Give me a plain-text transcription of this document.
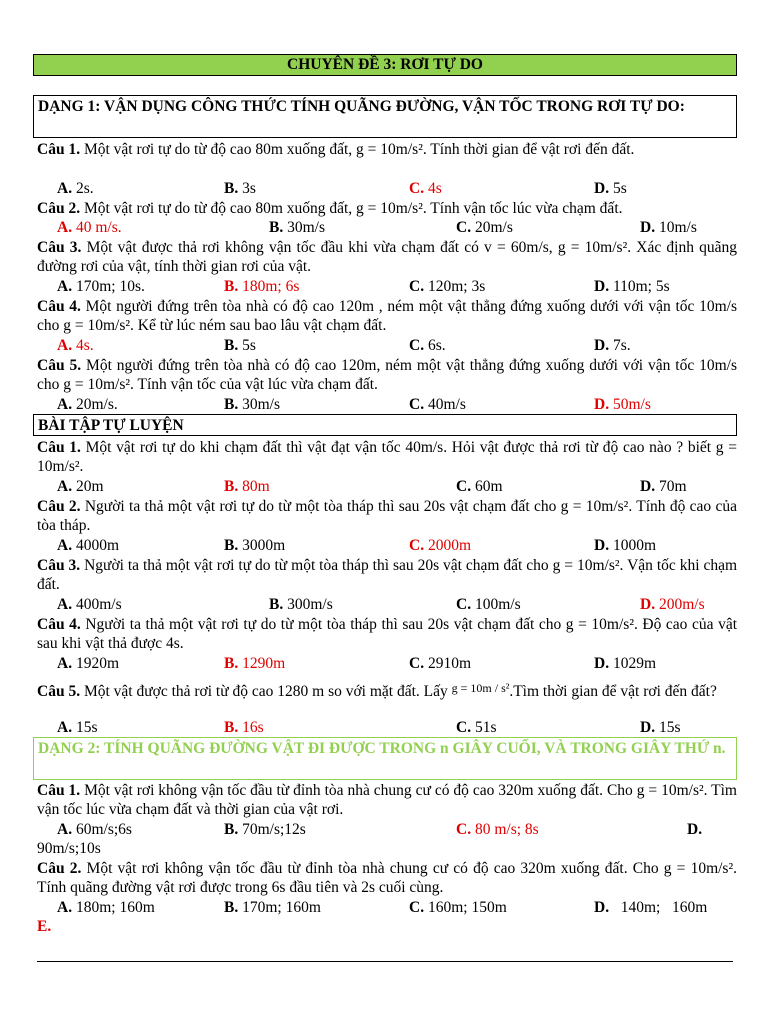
CHUYÊN ĐỀ 3: RƠI TỰ DO
DẠNG 1: VẬN DỤNG CÔNG THỨC TÍNH QUÃNG ĐƯỜNG, VẬN TỐC TRONG RƠI TỰ DO:
Câu 1. Một vật rơi tự do từ độ cao 80m xuống đất, g = 10m/s². Tính thời gian để vật rơi đến đất.
A. 2s.	B. 3s	C. 4s	D. 5s
Câu 2. Một vật rơi tự do từ độ cao 80m xuống đất, g = 10m/s². Tính vận tốc lúc vừa chạm đất.
A. 40 m/s.	B. 30m/s	C. 20m/s	D. 10m/s
Câu 3. Một vật được thả rơi không vận tốc đầu khi vừa chạm đất có v = 60m/s, g = 10m/s². Xác định quãng đường rơi của vật, tính thời gian rơi của vật.
A. 170m; 10s.	B. 180m; 6s	C. 120m; 3s	D. 110m; 5s
Câu 4. Một người đứng trên tòa nhà có độ cao 120m , ném một vật thẳng đứng xuống dưới với vận tốc 10m/s cho g = 10m/s². Kể từ lúc ném sau bao lâu vật chạm đất.
A. 4s.	B. 5s	C. 6s.	D. 7s.
Câu 5. Một người đứng trên tòa nhà có độ cao 120m, ném một vật thẳng đứng xuống dưới với vận tốc 10m/s cho g = 10m/s². Tính vận tốc của vật lúc vừa chạm đất.
A. 20m/s.	B. 30m/s	C. 40m/s	D. 50m/s
BÀI TẬP TỰ LUYỆN
Câu 1. Một vật rơi tự do khi chạm đất thì vật đạt vận tốc 40m/s. Hỏi vật được thả rơi từ độ cao nào ? biết g = 10m/s².
A. 20m	B. 80m	C. 60m	D. 70m
Câu 2. Người ta thả một vật rơi tự do từ một tòa tháp thì sau 20s vật chạm đất cho g = 10m/s². Tính độ cao của tòa tháp.
A. 4000m	B. 3000m	C. 2000m	D. 1000m
Câu 3. Người ta thả một vật rơi tự do từ một tòa tháp thì sau 20s vật chạm đất cho g = 10m/s². Vận tốc khi chạm đất.
A. 400m/s	B. 300m/s	C. 100m/s	D. 200m/s
Câu 4. Người ta thả một vật rơi tự do từ một tòa tháp thì sau 20s vật chạm đất cho g = 10m/s². Độ cao của vật sau khi vật thả được 4s.
A. 1920m	B. 1290m	C. 2910m	D. 1029m
Câu 5. Một vật được thả rơi từ độ cao 1280 m so với mặt đất. Lấy $^{g = 10m / s^2}$.Tìm thời gian để vật rơi đến đất?
A. 15s	B. 16s	C. 51s	D. 15s
DẠNG 2: TÍNH QUÃNG ĐƯỜNG VẬT ĐI ĐƯỢC TRONG n GIÂY CUỐI, VÀ TRONG GIÂY THỨ n.
Câu 1. Một vật rơi không vận tốc đầu từ đỉnh tòa nhà chung cư có độ cao 320m xuống đất. Cho g = 10m/s². Tìm vận tốc lúc vừa chạm đất và thời gian của vật rơi.
A. 60m/s;6s	B. 70m/s;12s	C. 80 m/s; 8s	D.
90m/s;10s
Câu 2. Một vật rơi không vận tốc đầu từ đỉnh tòa nhà chung cư có độ cao 320m xuống đất. Cho g = 10m/s². Tính quãng đường vật rơi được trong 6s đầu tiên và 2s cuối cùng.
A. 180m; 160m	B. 170m; 160m	C. 160m; 150m	D.   140m;   160m
E.
